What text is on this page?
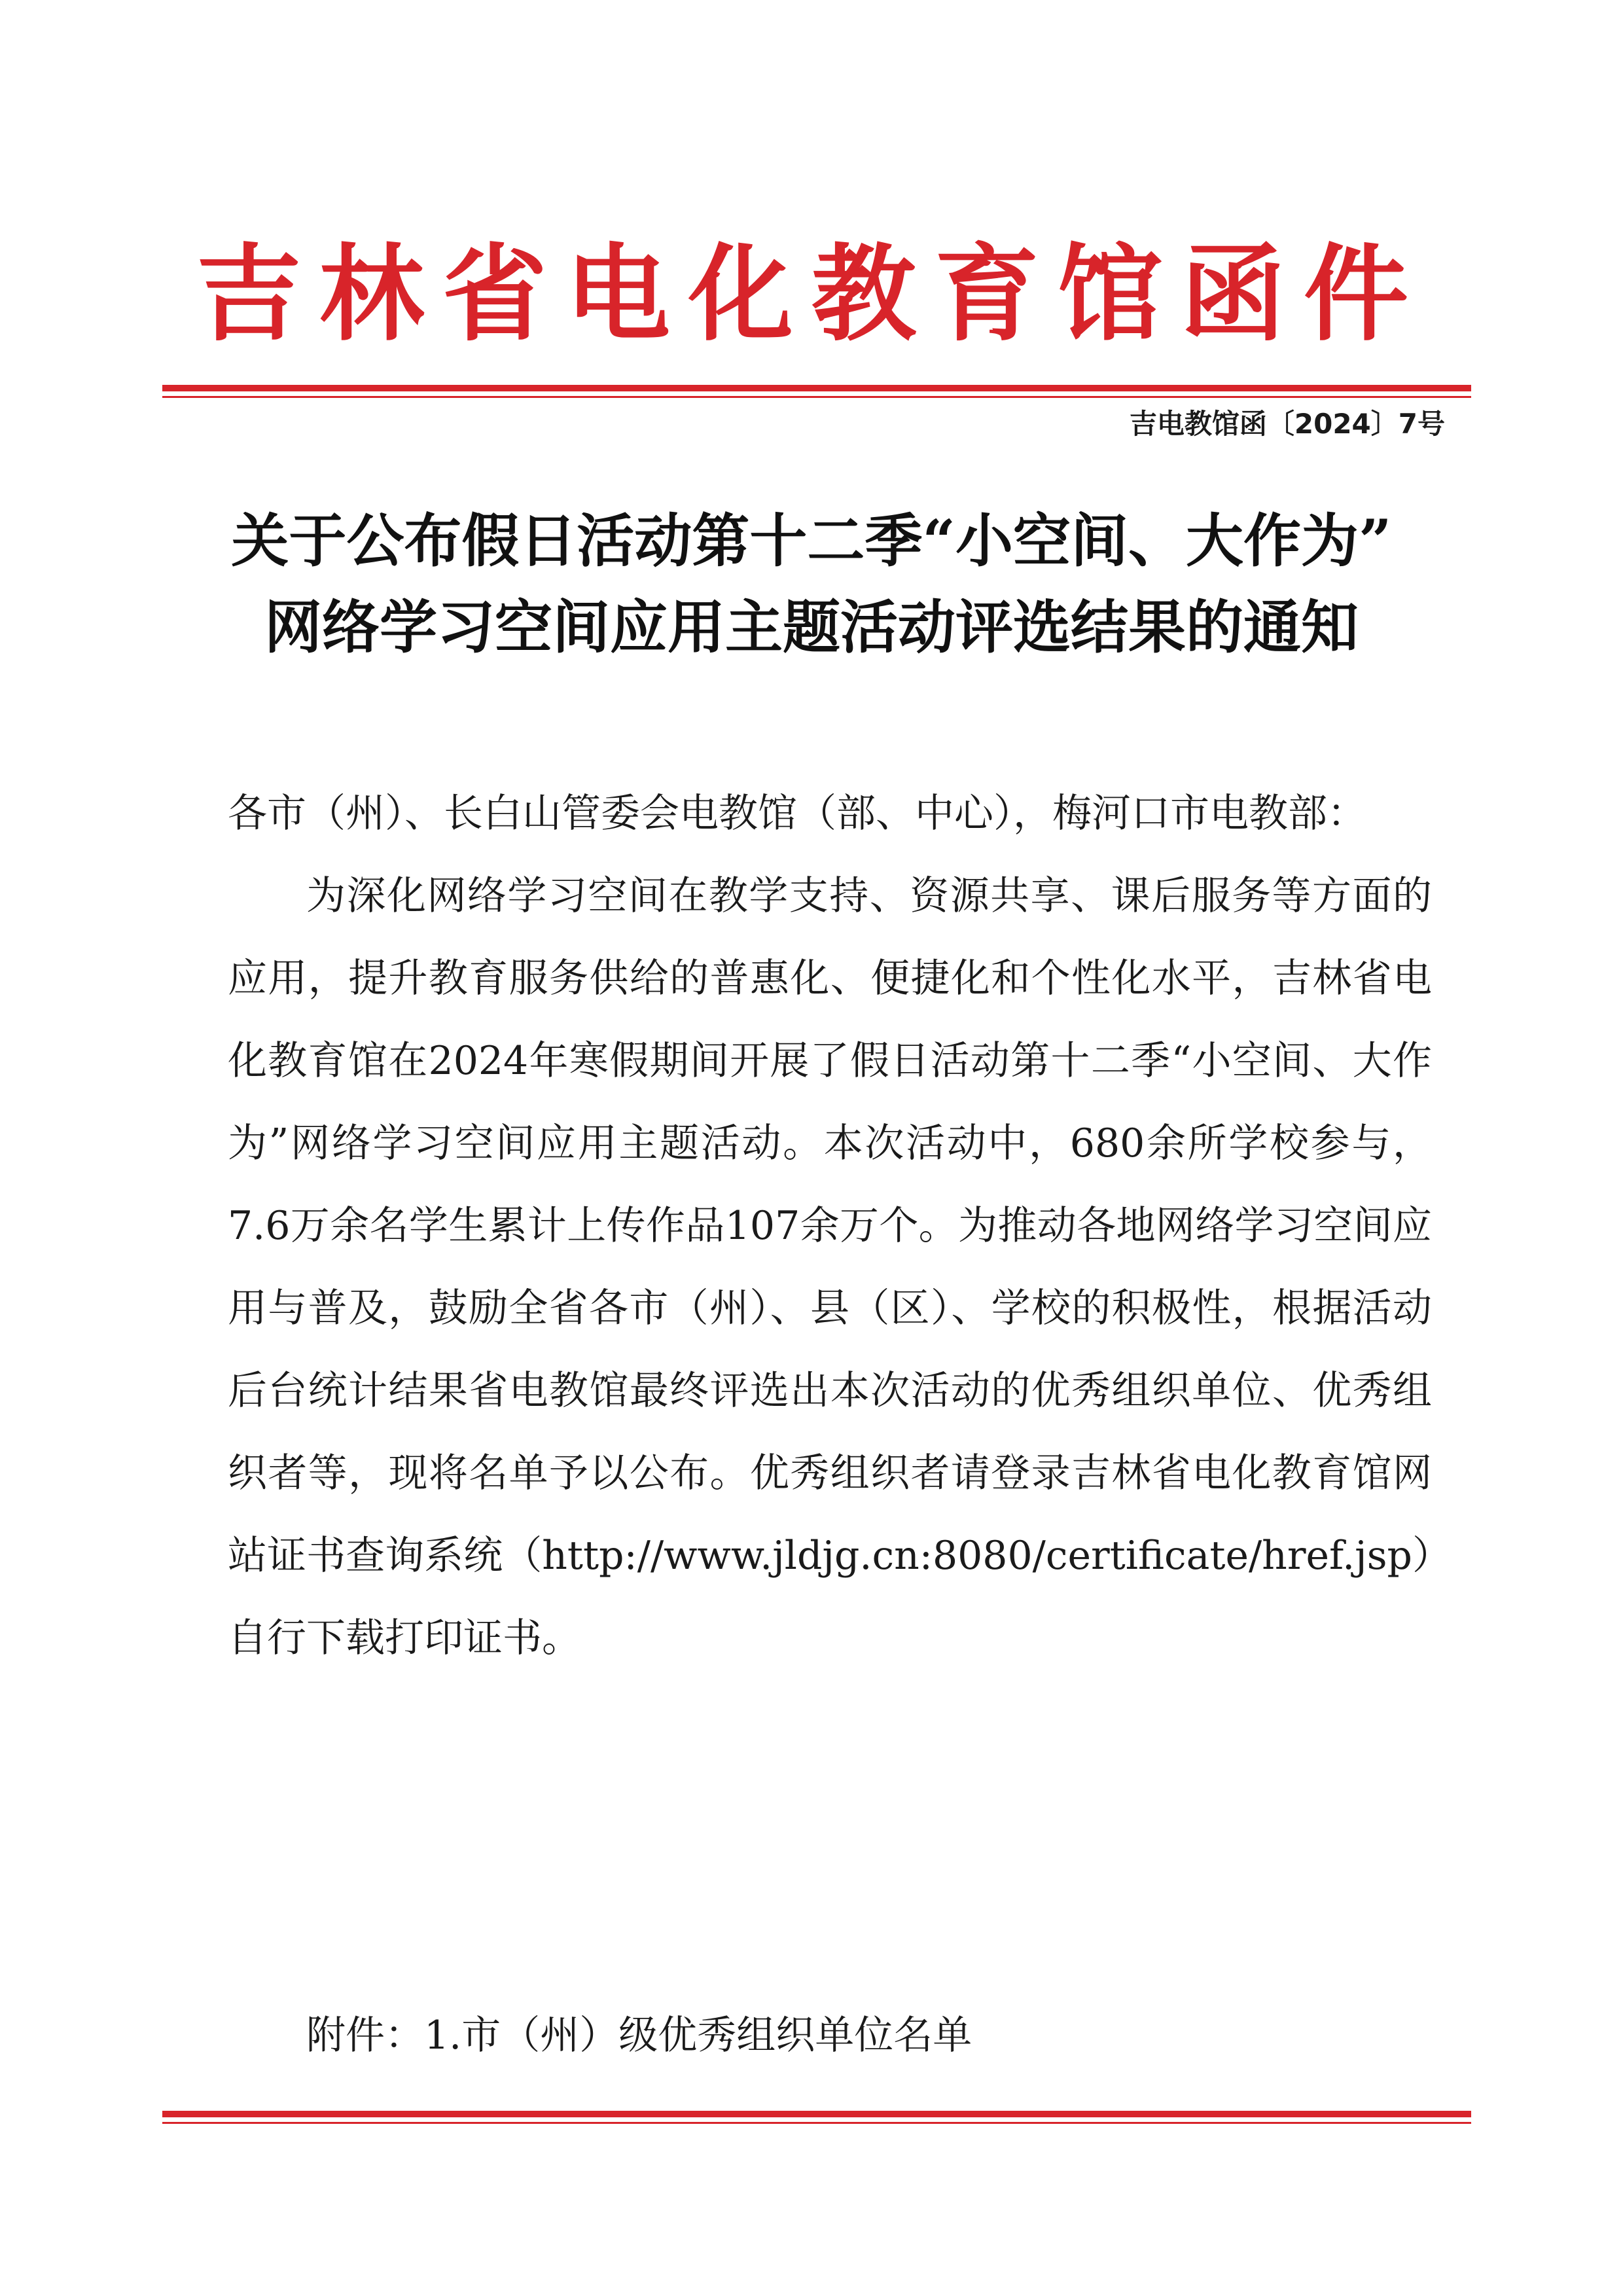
吉林省电化教育馆函件
吉电教馆函〔2024〕7号
关于公布假日活动第十二季“小空间、大作为”
网络学习空间应用主题活动评选结果的通知

各市（州）、长白山管委会电教馆（部、中心），梅河口市电教部：

为深化网络学习空间在教学支持、资源共享、课后服务等方面的应用，提升教育服务供给的普惠化、便捷化和个性化水平，吉林省电化教育馆在2024年寒假期间开展了假日活动第十二季“小空间、大作为”网络学习空间应用主题活动。本次活动中，680余所学校参与，7.6万余名学生累计上传作品107余万个。为推动各地网络学习空间应用与普及，鼓励全省各市（州）、县（区）、学校的积极性，根据活动后台统计结果省电教馆最终评选出本次活动的优秀组织单位、优秀组织者等，现将名单予以公布。优秀组织者请登录吉林省电化教育馆网站证书查询系统（http://www.jldjg.cn:8080/certificate/href.jsp）自行下载打印证书。

附件：1.市（州）级优秀组织单位名单
